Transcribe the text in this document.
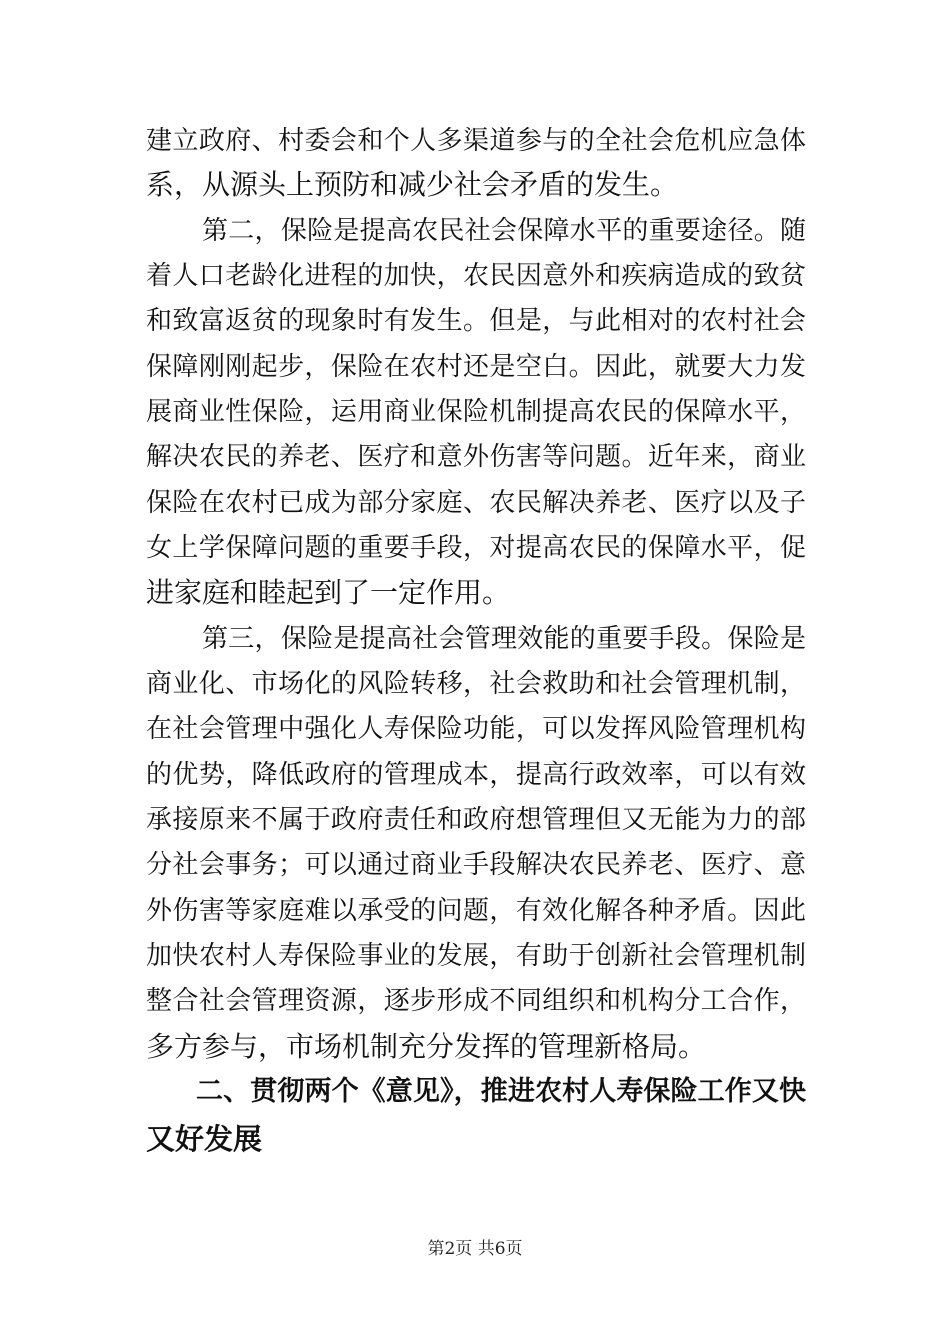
建立政府、村委会和个人多渠道参与的全社会危机应急体
系，从源头上预防和减少社会矛盾的发生。
第二，保险是提高农民社会保障水平的重要途径。随
着人口老龄化进程的加快，农民因意外和疾病造成的致贫
和致富返贫的现象时有发生。但是，与此相对的农村社会
保障刚刚起步，保险在农村还是空白。因此，就要大力发
展商业性保险，运用商业保险机制提高农民的保障水平，
解决农民的养老、医疗和意外伤害等问题。近年来，商业
保险在农村已成为部分家庭、农民解决养老、医疗以及子
女上学保障问题的重要手段，对提高农民的保障水平，促
进家庭和睦起到了一定作用。
第三，保险是提高社会管理效能的重要手段。保险是
商业化、市场化的风险转移，社会救助和社会管理机制，
在社会管理中强化人寿保险功能，可以发挥风险管理机构
的优势，降低政府的管理成本，提高行政效率，可以有效
承接原来不属于政府责任和政府想管理但又无能为力的部
分社会事务；可以通过商业手段解决农民养老、医疗、意
外伤害等家庭难以承受的问题，有效化解各种矛盾。因此
加快农村人寿保险事业的发展，有助于创新社会管理机制
整合社会管理资源，逐步形成不同组织和机构分工合作，
多方参与，市场机制充分发挥的管理新格局。
二、贯彻两个《意见》，推进农村人寿保险工作又快
又好发展
第2页 共6页
